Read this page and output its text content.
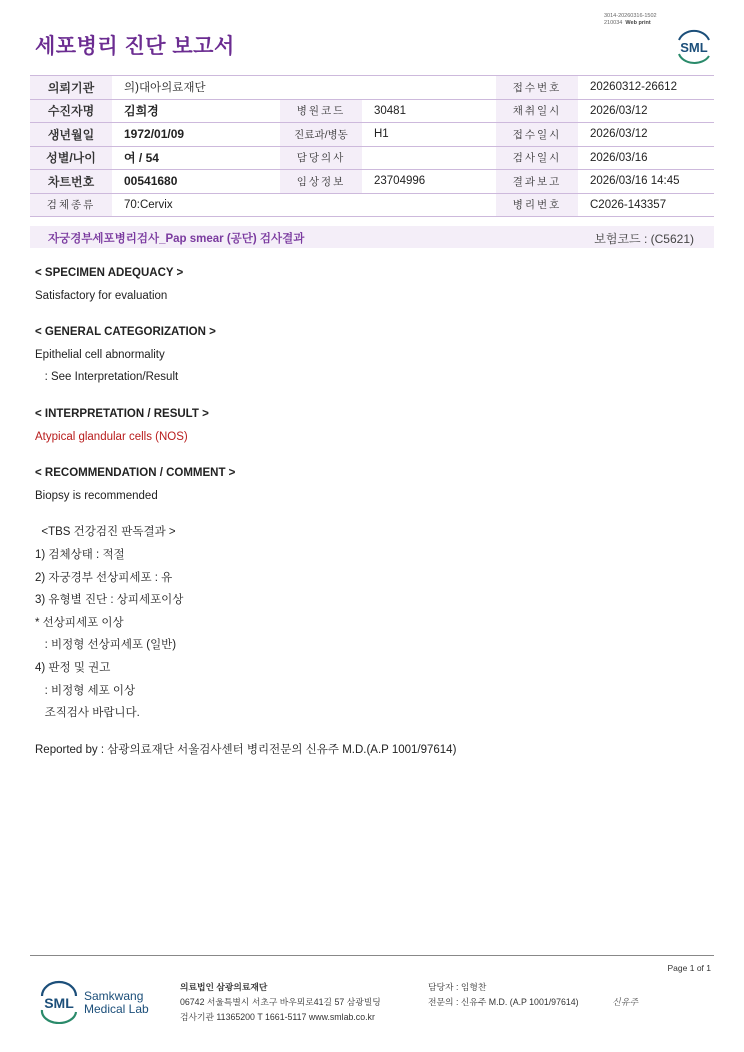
3014-20260316-1502
210034 Web print
세포병리 진단 보고서	SML
의뢰기관	의)대아의료재단			접수번호	20260312-26612
수진자명	김희경	병원코드	30481	채취일시	2026/03/12
생년월일	1972/01/09	진료과/병동	H1	접수일시	2026/03/12
성별/나이	여 / 54	담당의사		검사일시	2026/03/16
차트번호	00541680	임상정보	23704996	결과보고	2026/03/16 14:45
검체종류	70:Cervix			병리번호	C2026-143357
자궁경부세포병리검사_Pap smear (공단) 검사결과	보험코드 : (C5621)
< SPECIMEN ADEQUACY >
Satisfactory for evaluation
< GENERAL CATEGORIZATION >
Epithelial cell abnormality
: See Interpretation/Result
< INTERPRETATION / RESULT >
Atypical glandular cells (NOS)
< RECOMMENDATION / COMMENT >
Biopsy is recommended
<TBS 건강검진 판독결과 >
1) 검체상태 : 적절
2) 자궁경부 선상피세포 : 유
3) 유형별 진단 : 상피세포이상
* 선상피세포 이상
: 비정형 선상피세포 (일반)
4) 판정 및 권고
: 비정형 세포 이상
조직검사 바랍니다.
Reported by : 삼광의료재단 서울검사센터 병리전문의 신유주 M.D.(A.P 1001/97614)
Page 1 of 1
SML Samkwang
Medical Lab
의료법인 삼광의료재단
06742 서울특별시 서초구 바우뫼로41길 57 삼광빌딩
검사기관 11365200 T 1661-5117 www.smlab.co.kr
담당자 : 임형찬
전문의 : 신유주 M.D. (A.P 1001/97614)	신유주
